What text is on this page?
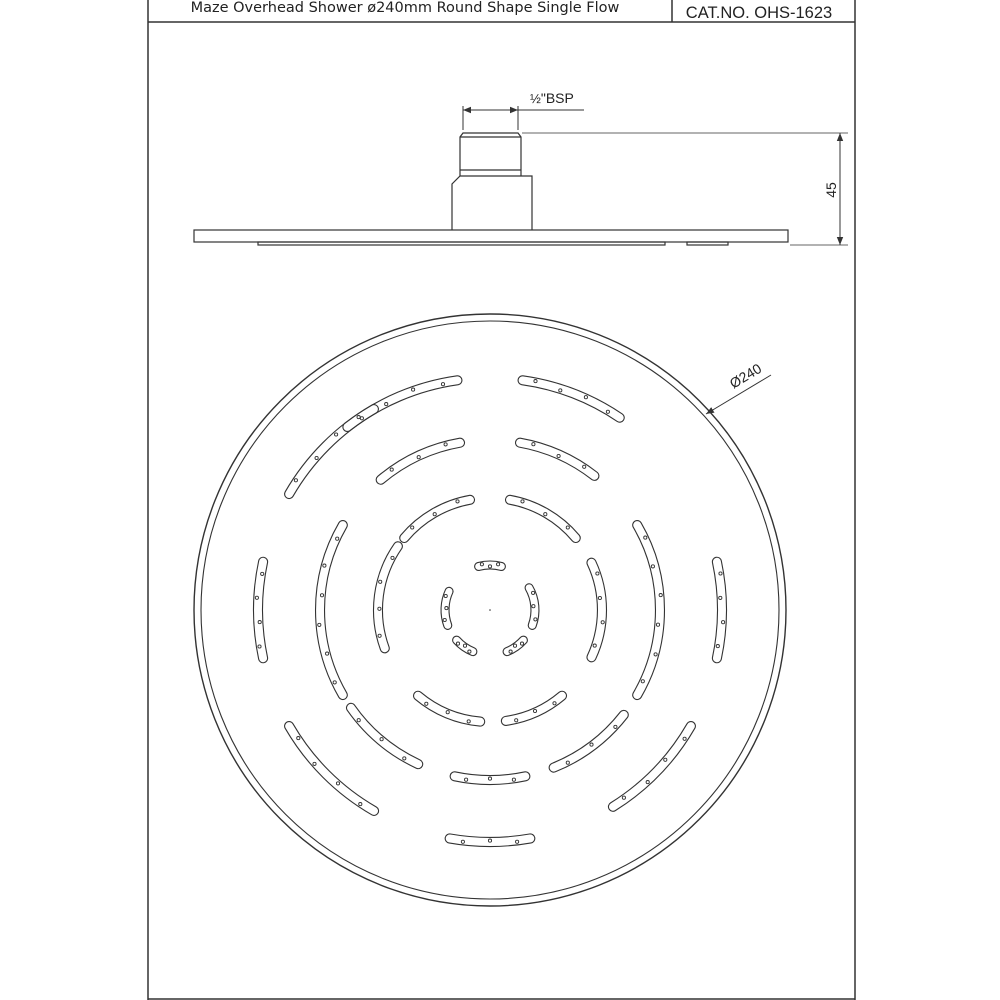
Maze Overhead Shower ø240mm Round Shape Single Flow	CAT.NO. OHS-1623
½"BSP
45
Ø240
